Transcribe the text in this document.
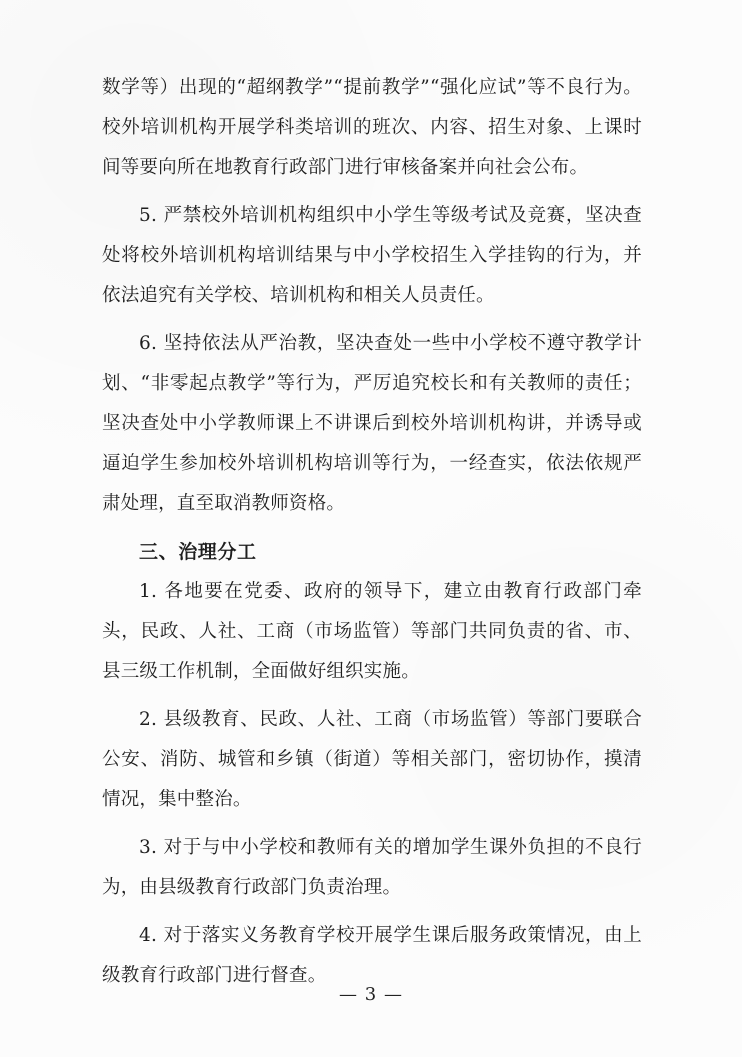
数学等）出现的“超纲教学”“提前教学”“强化应试”等不良行为。校外培训机构开展学科类培训的班次、内容、招生对象、上课时间等要向所在地教育行政部门进行审核备案并向社会公布。

5. 严禁校外培训机构组织中小学生等级考试及竞赛，坚决查处将校外培训机构培训结果与中小学校招生入学挂钩的行为，并依法追究有关学校、培训机构和相关人员责任。

6. 坚持依法从严治教，坚决查处一些中小学校不遵守教学计划、“非零起点教学”等行为，严厉追究校长和有关教师的责任；坚决查处中小学教师课上不讲课后到校外培训机构讲，并诱导或逼迫学生参加校外培训机构培训等行为，一经查实，依法依规严肃处理，直至取消教师资格。

三、治理分工

1. 各地要在党委、政府的领导下，建立由教育行政部门牵头，民政、人社、工商（市场监管）等部门共同负责的省、市、县三级工作机制，全面做好组织实施。

2. 县级教育、民政、人社、工商（市场监管）等部门要联合公安、消防、城管和乡镇（街道）等相关部门，密切协作，摸清情况，集中整治。

3. 对于与中小学校和教师有关的增加学生课外负担的不良行为，由县级教育行政部门负责治理。

4. 对于落实义务教育学校开展学生课后服务政策情况，由上级教育行政部门进行督查。

— 3 —
